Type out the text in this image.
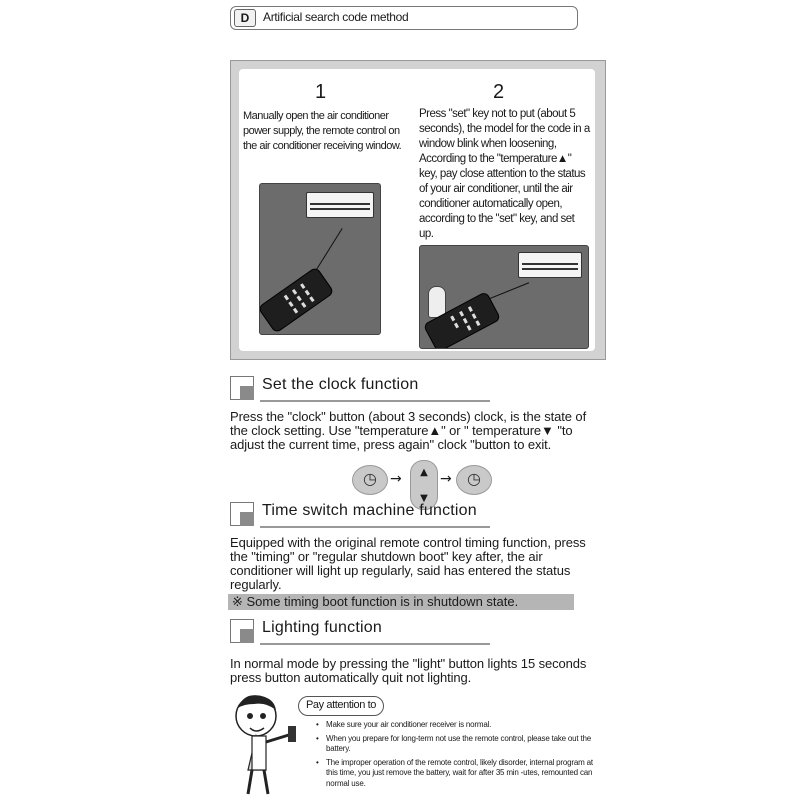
D	Artificial search code method
1
Manually open the air conditioner power supply, the remote control on the air conditioner receiving window.
2
Press "set" key not to put (about 5 seconds), the model for the code in a window blink when loosening, According to the "temperature▲" key, pay close attention to the status of your air conditioner, until the air conditioner automatically open, according to the "set" key, and set up.
Set the clock function
Press the "clock" button (about 3 seconds) clock, is the state of the clock setting. Use "temperature▲" or " temperature▼ "to adjust the current time, press again" clock "button to exit.
◷
→	▲
▼
→
◷
Time switch machine function
Equipped with the original remote control timing function, press the "timing" or "regular shutdown boot" key after, the air conditioner will light up regularly, said has entered the status regularly.
※ Some timing boot function is in shutdown state.
Lighting function
In normal mode by pressing the "light" button lights 15 seconds press button automatically quit not lighting.
Pay attention to
• Make sure your air conditioner receiver is normal.
• When you prepare for long-term not use the remote control, please take out the battery.
• The improper operation of the remote control, likely disorder, internal program at this time, you just remove the battery, wait for after 35 min -utes, remounted can normal use.
